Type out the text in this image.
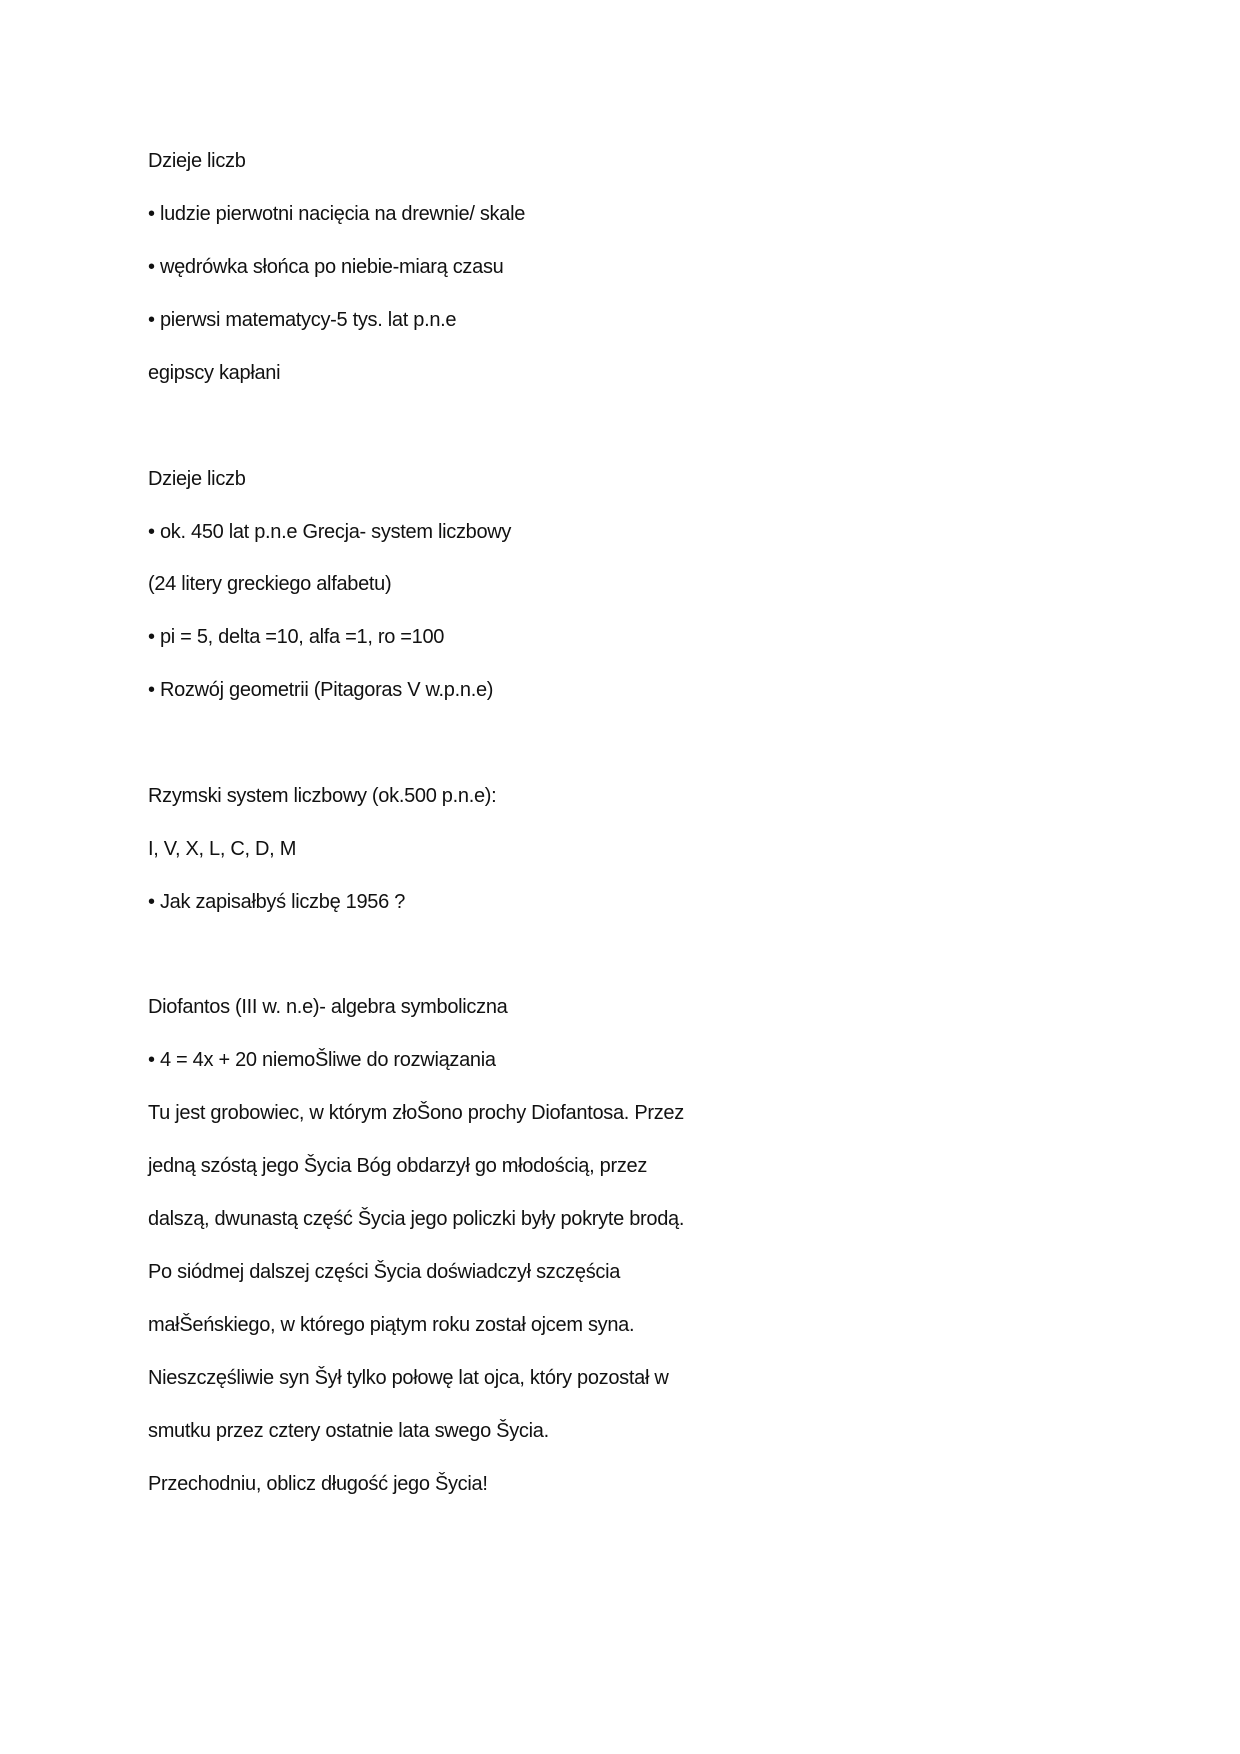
Dzieje liczb
• ludzie pierwotni nacięcia na drewnie/ skale
• wędrówka słońca po niebie-miarą czasu
• pierwsi matematycy-5 tys. lat p.n.e
egipscy kapłani
Dzieje liczb
• ok. 450 lat p.n.e Grecja- system liczbowy
(24 litery greckiego alfabetu)
• pi = 5, delta =10, alfa =1, ro =100
• Rozwój geometrii (Pitagoras V w.p.n.e)
Rzymski system liczbowy (ok.500 p.n.e):
I, V, X, L, C, D, M
• Jak zapisałbyś liczbę 1956 ?
Diofantos (III w. n.e)- algebra symboliczna
• 4 = 4x + 20 niemoŠliwe do rozwiązania
Tu jest grobowiec, w którym złoŠono prochy Diofantosa. Przez
jedną szóstą jego Šycia Bóg obdarzył go młodością, przez
dalszą, dwunastą część Šycia jego policzki były pokryte brodą.
Po siódmej dalszej części Šycia doświadczył szczęścia
małŠeńskiego, w którego piątym roku został ojcem syna.
Nieszczęśliwie syn Šył tylko połowę lat ojca, który pozostał w
smutku przez cztery ostatnie lata swego Šycia.
Przechodniu, oblicz długość jego Šycia!
